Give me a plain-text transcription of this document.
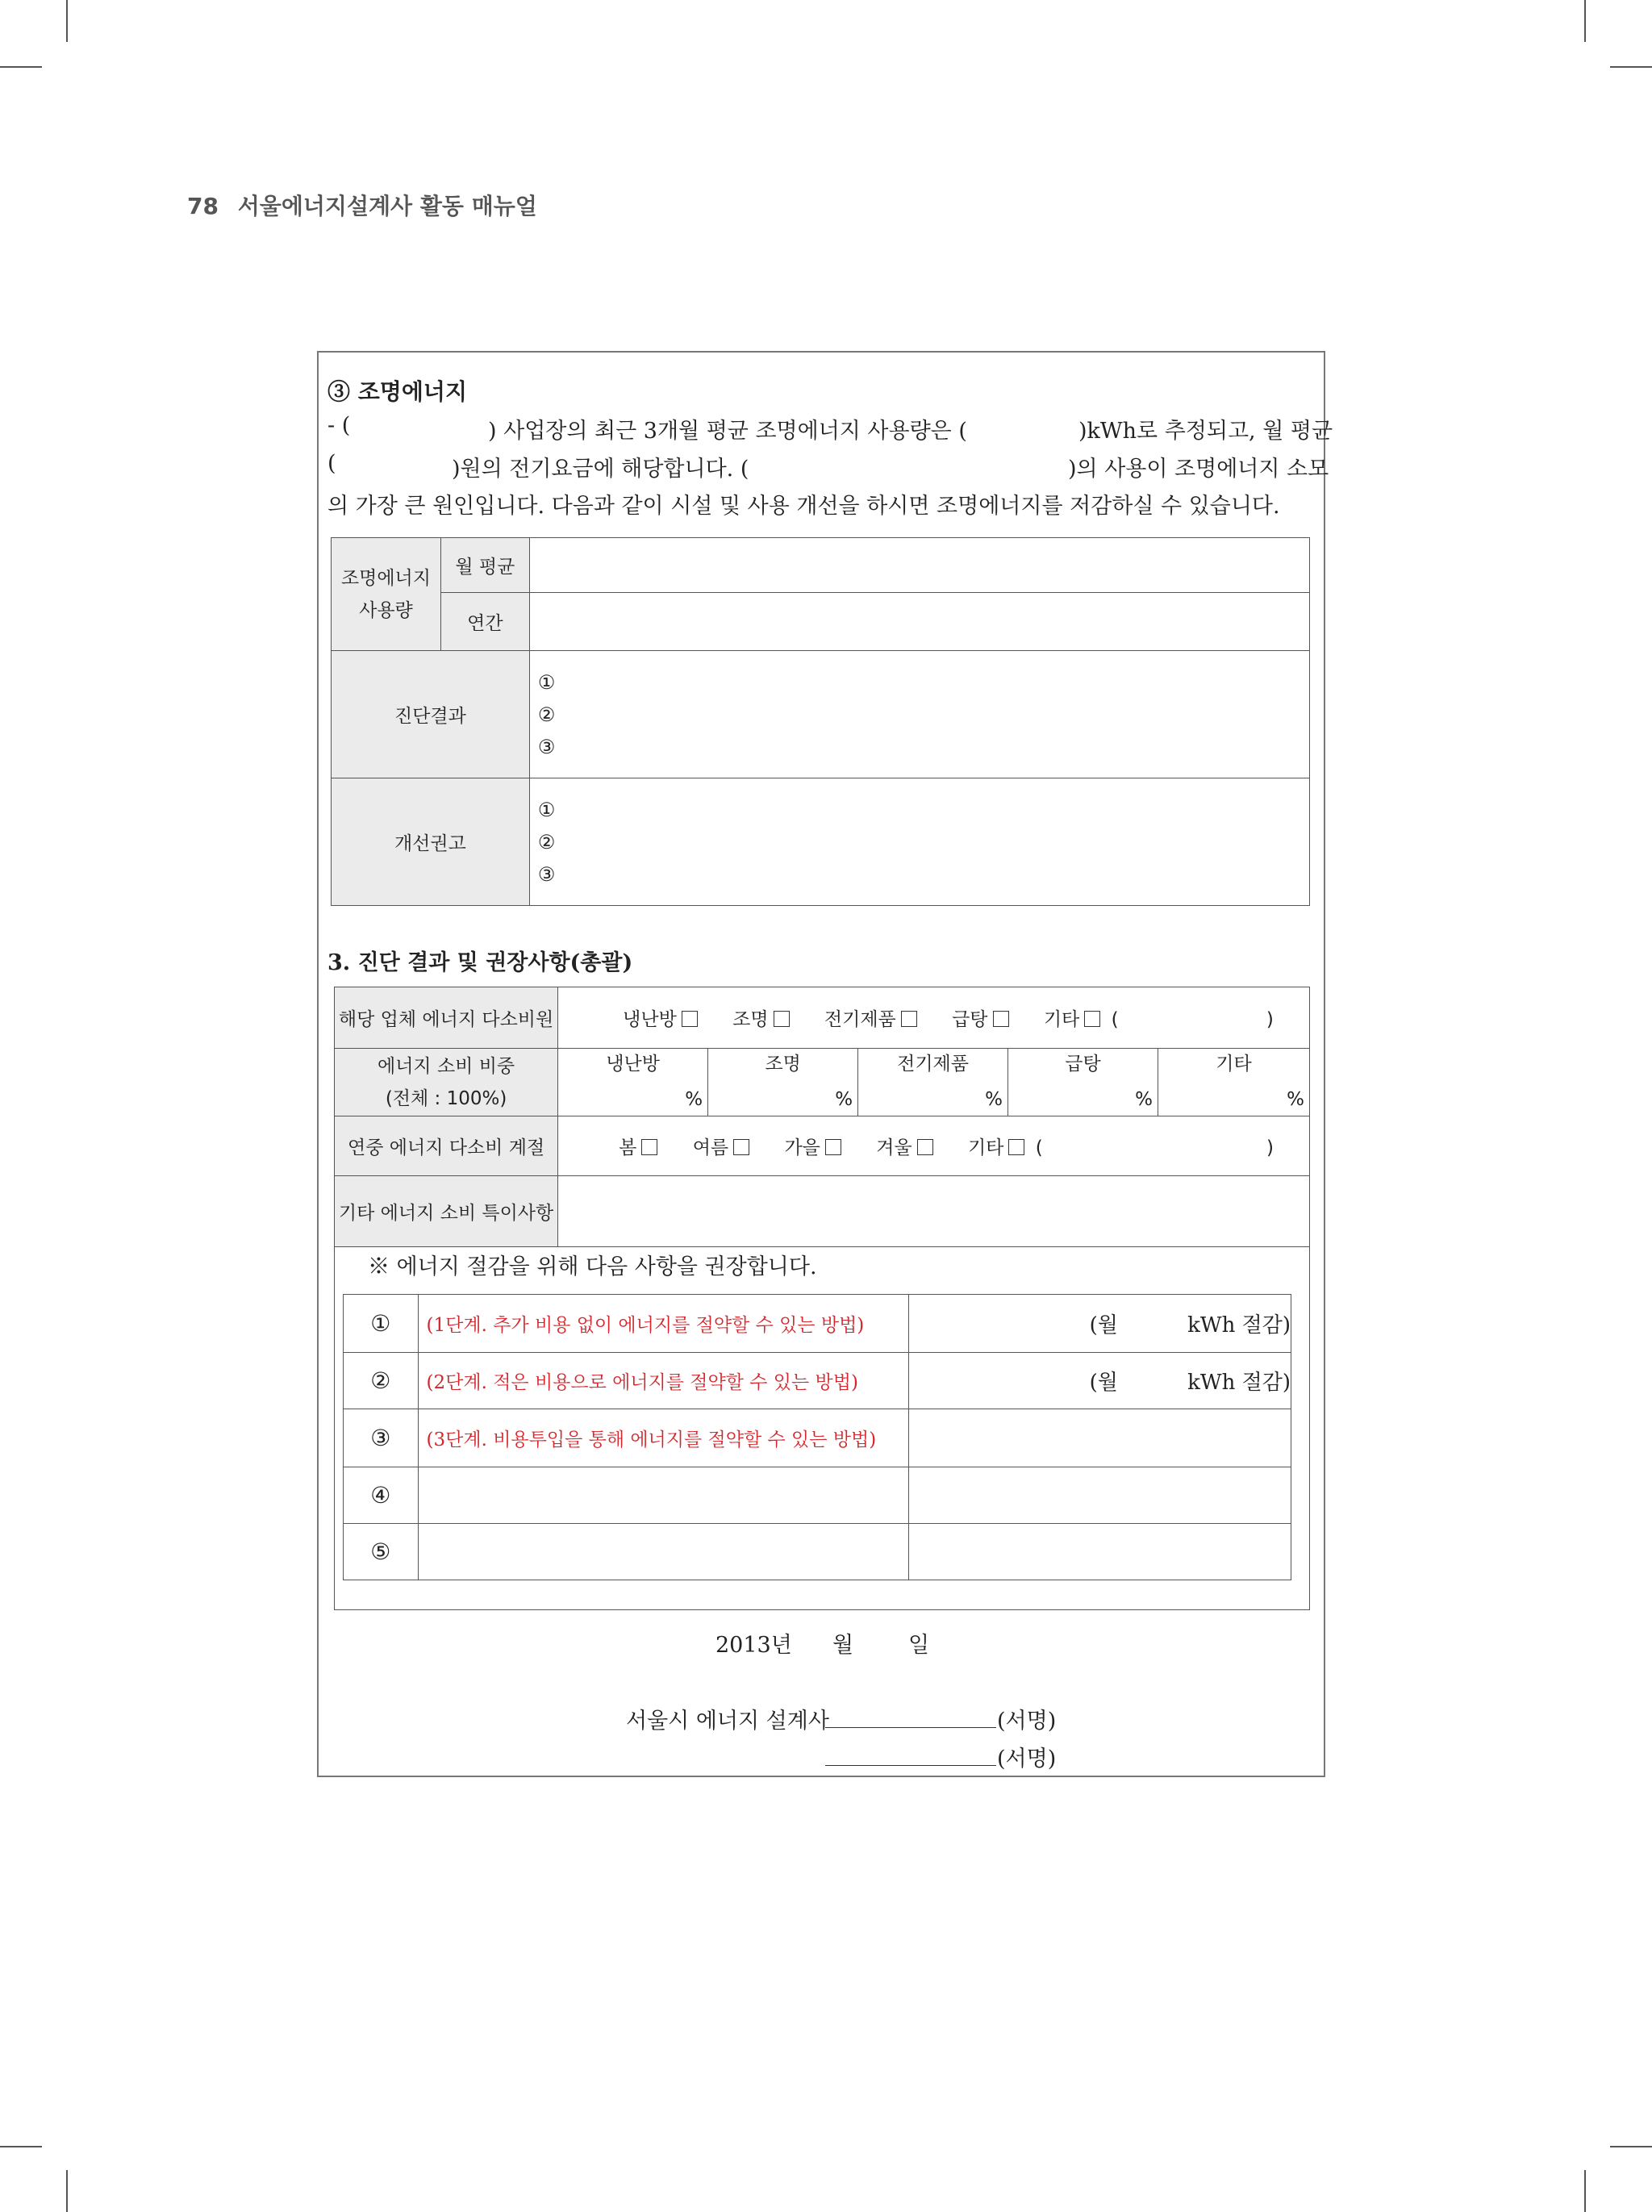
78 서울에너지설계사 활동 매뉴얼
③ 조명에너지
- (	) 사업장의 최근 3개월 평균 조명에너지 사용량은 (	)kWh로 추정되고, 월 평균
(	)원의 전기요금에 해당합니다. (	)의 사용이 조명에너지 소모
의 가장 큰 원인입니다. 다음과 같이 시설 및 사용 개선을 하시면 조명에너지를 저감하실 수 있습니다.
조명에너지
사용량	월 평균	
	연간	
진단결과		①
②
③

개선권고		①
②
③
3. 진단 결과 및 권장사항(총괄)
해당 업체 에너지 다소비원	냉난방 조명 전기제품 급탕 기타 ( )				

에너지 소비 비중
(전체 : 100%)	냉난방	조명	전기제품	급탕	기타
	%	%	%	%	%
연중 에너지 다소비 계절	봄 여름 가을 겨울 기타 ( )				
기타 에너지 소비 특이사항					

※ 에너지 절감을 위해 다음 사항을 권장합니다.
①	(1단계. 추가 비용 없이 에너지를 절약할 수 있는 방법)	(월 kWh 절감)
②	(2단계. 적은 비용으로 에너지를 절약할 수 있는 방법)	(월 kWh 절감)
③	(3단계. 비용투입을 통해 에너지를 절약할 수 있는 방법)	
④		
⑤		
2013년 월	일
서울시 에너지 설계사	(서명)
(서명)
